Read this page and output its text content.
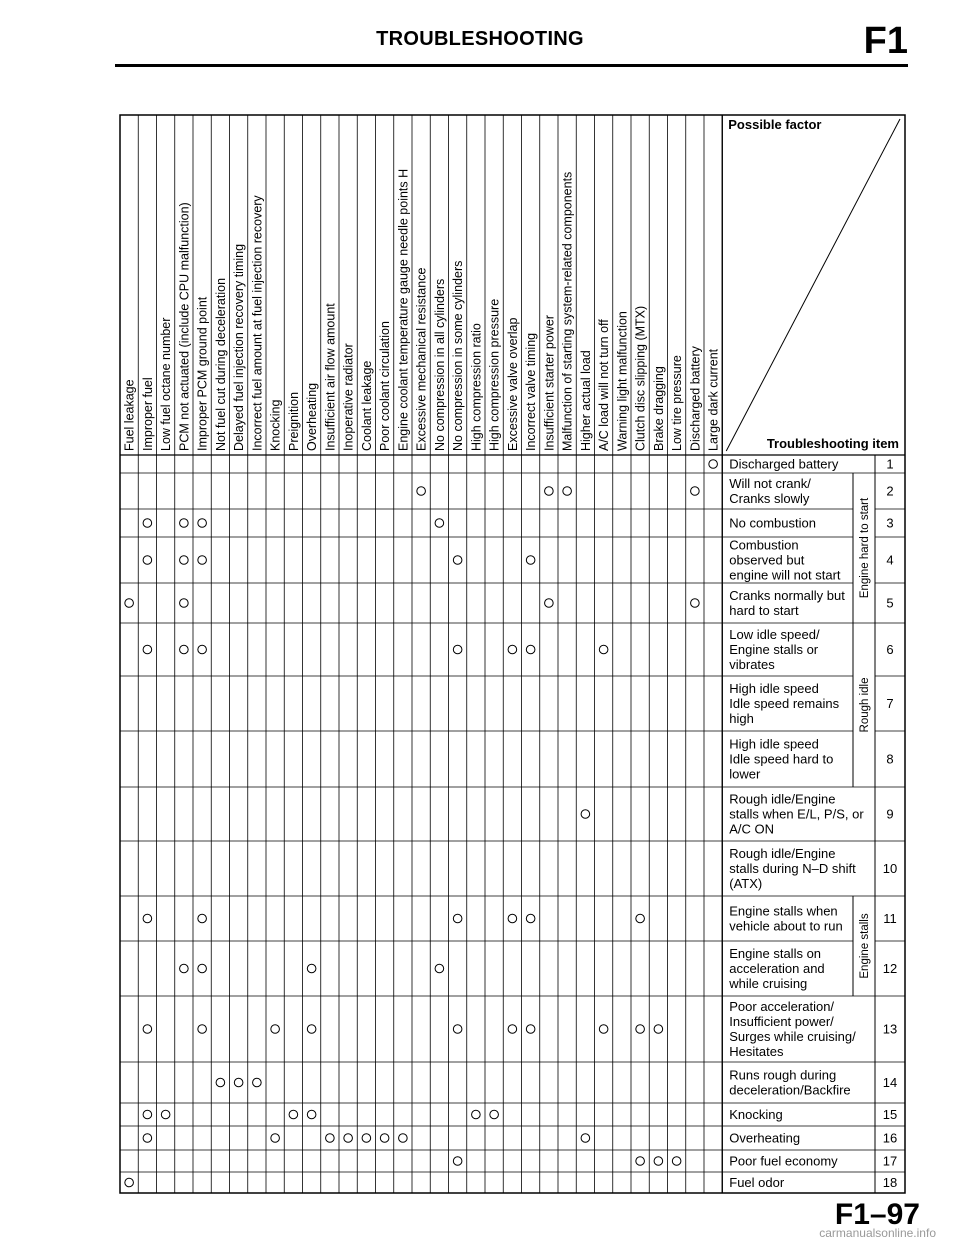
TROUBLESHOOTING	F1
Fuel leakage Improper fuel Low fuel octane number PCM not actuated (include CPU malfunction) Improper PCM ground point Not fuel cut during deceleration Delayed fuel injection recovery timing Incorrect fuel amount at fuel injection recovery Knocking Preignition Overheating Insufficient air flow amount Inoperative radiator Coolant leakage Poor coolant circulation Engine coolant temperature gauge needle points H Excessive mechanical resistance No compression in all cylinders No compression in some cylinders High compression ratio High compression pressure Excessive valve overlap Incorrect valve timing Insufficient starter power Malfunction of starting system-related components Higher actual load A/C load will not turn off Warning light malfunction Clutch disc slipping (MTX) Brake dragging Low tire pressure Discharged battery Large dark current
Discharged battery
Will not crank/ Cranks slowly
No combustion
Combustion observed but engine will not start
Cranks normally but hard to start
Low idle speed/ Engine stalls or vibrates
High idle speed Idle speed remains high
High idle speed Idle speed hard to lower
Rough idle/Engine stalls when E/L, P/S, or A/C ON
Rough idle/Engine stalls during N–D shift (ATX)
Engine stalls when vehicle about to run
Engine stalls on acceleration and while cruising
Poor acceleration/ Insufficient power/ Surges while cruising/ Hesitates
Runs rough during deceleration/Backfire
Knocking
Overheating
Poor fuel economy
Fuel odor
Engine hard to start
Rough idle
Engine stalls
1
2
3
4
5
6
7
8
9
10
11
12
13
14
15
16
17
18
Possible factor
Troubleshooting item
F1–97
carmanualsonline.info
